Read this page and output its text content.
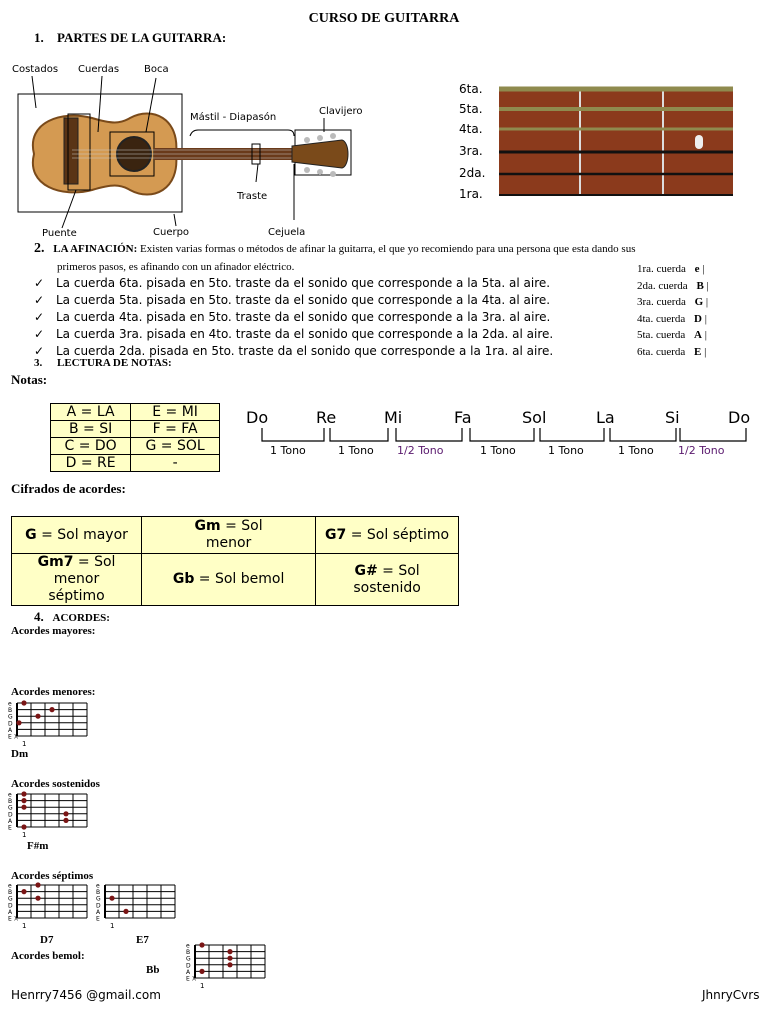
CURSO DE GUITARRA
1. PARTES DE LA GUITARRA:
Costados Cuerdas Boca
Mástil - Diapasón
Clavijero
Traste
Puente	Cuerpo	Cejuela
6ta.
5ta.
4ta.
3ra.
2da.
1ra.
2. LA AFINACIÓN: Existen varias formas o métodos de afinar la guitarra, el que yo recomiendo para una persona que esta dando sus
primeros pasos, es afinando con un afinador eléctrico.
✓ La cuerda 6ta. pisada en 5to. traste da el sonido que corresponde a la 5ta. al aire.
✓ La cuerda 5ta. pisada en 5to. traste da el sonido que corresponde a la 4ta. al aire.
✓ La cuerda 4ta. pisada en 5to. traste da el sonido que corresponde a la 3ra. al aire.
✓ La cuerda 3ra. pisada en 4to. traste da el sonido que corresponde a la 2da. al aire.
✓ La cuerda 2da. pisada en 5to. traste da el sonido que corresponde a la 1ra. al aire.
1ra. cuerda e |
2da. cuerda B |
3ra. cuerda G |
4ta. cuerda D |
5ta. cuerda A |
6ta. cuerda E |
3. LECTURA DE NOTAS:
Notas:
A = LA	E = MI
B = SI	F = FA
C = DO	G = SOL
D = RE	-
Do	Re	Mi	Fa	Sol	La	Si	Do
1 Tono	1 Tono 1/2 Tono	1 Tono	1 Tono	1 Tono 1/2 Tono
Cifrados de acordes:
G = Sol mayor	Gm = Sol menor	G7 = Sol séptimo
Gm7 = Sol menor séptimo	Gb = Sol bemol	G# = Sol sostenido
4. ACORDES:
Acordes mayores:
Acordes menores:
Acordes sostenidos
Acordes séptimos
Acordes bemol:
e
B
G
D
A
E X
1
Dm
e
B
G
D
A
E
1
F#m
e
B
G
D
A
E X
1
D7
e
B
G
D
A
E
1
E7	e
B
G
D
A
E X
1
Bb
Henrry7456 @gmail.com	JhnryCvrs
